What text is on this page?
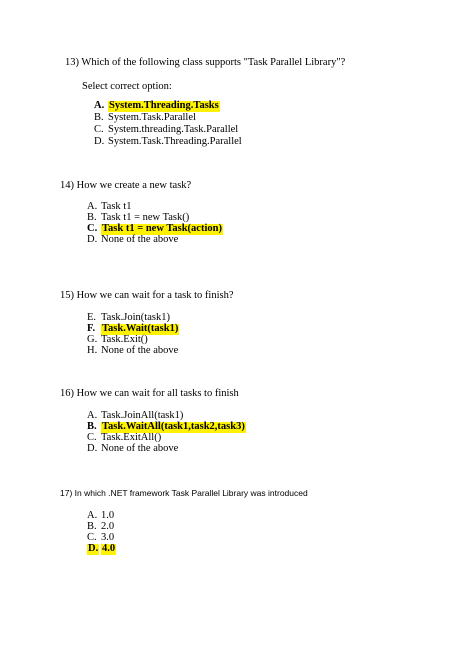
13) Which of the following class supports "Task Parallel Library"?
Select correct option:
A. System.Threading.Tasks
B. System.Task.Parallel
C. System.threading.Task.Parallel
D. System.Task.Threading.Parallel
14) How we create a new task?
A. Task t1
B. Task t1 = new Task()
C. Task t1 = new Task(action)
D. None of the above
15) How we can wait for a task to finish?
E. Task.Join(task1)
F. Task.Wait(task1)
G. Task.Exit()
H. None of the above
16) How we can wait for all tasks to finish
A. Task.JoinAll(task1)
B. Task.WaitAll(task1,task2,task3)
C. Task.ExitAll()
D. None of the above
17) In which .NET framework Task Parallel Library was introduced
A. 1.0
B. 2.0
C. 3.0
D. 4.0
